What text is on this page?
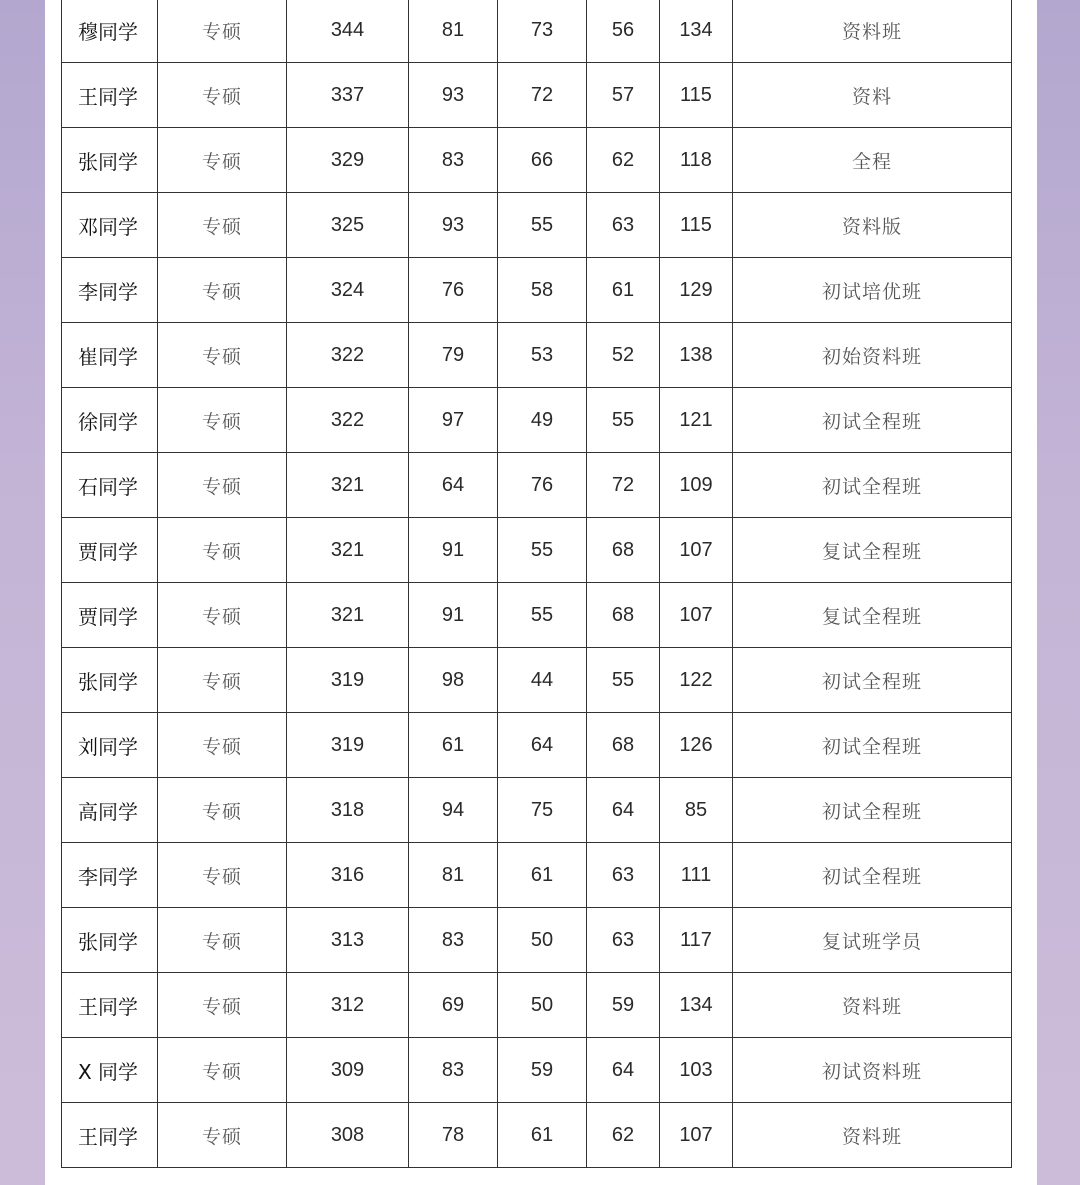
穆同学	专硕	344	81	73	56	134	资料班
王同学	专硕	337	93	72	57	115	资料
张同学	专硕	329	83	66	62	118	全程
邓同学	专硕	325	93	55	63	115	资料版
李同学	专硕	324	76	58	61	129	初试培优班
崔同学	专硕	322	79	53	52	138	初始资料班
徐同学	专硕	322	97	49	55	121	初试全程班
石同学	专硕	321	64	76	72	109	初试全程班
贾同学	专硕	321	91	55	68	107	复试全程班
贾同学	专硕	321	91	55	68	107	复试全程班
张同学	专硕	319	98	44	55	122	初试全程班
刘同学	专硕	319	61	64	68	126	初试全程班
高同学	专硕	318	94	75	64	85	初试全程班
李同学	专硕	316	81	61	63	111	初试全程班
张同学	专硕	313	83	50	63	117	复试班学员
王同学	专硕	312	69	50	59	134	资料班
X 同学	专硕	309	83	59	64	103	初试资料班
王同学	专硕	308	78	61	62	107	资料班
